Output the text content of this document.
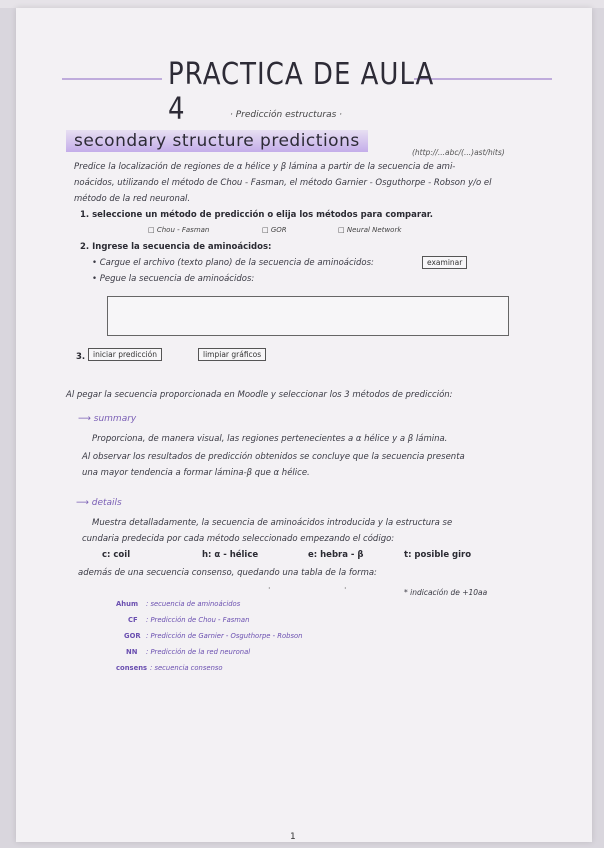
PRACTICA DE AULA 4	· Predicción estructuras ·
secondary structure predictions
(http://...abc/(...)ast/hits)
Predice la localización de regiones de α hélice y β lámina a partir de la secuencia de ami-
noácidos, utilizando el método de Chou - Fasman, el método Garnier - Osguthorpe - Robson y/o el
método de la red neuronal.
1. seleccione un método de predicción o elija los métodos para comparar.
□ Chou - Fasman	□ GOR	□ Neural Network
2. Ingrese la secuencia de aminoácidos:
• Cargue el archivo (texto plano) de la secuencia de aminoácidos:	examinar
• Pegue la secuencia de aminoácidos:
3.	iniciar predicción	limpiar gráficos
Al pegar la secuencia proporcionada en Moodle y seleccionar los 3 métodos de predicción:
⟶ summary
Proporciona, de manera visual, las regiones pertenecientes a α hélice y a β lámina.
Al observar los resultados de predicción obtenidos se concluye que la secuencia presenta
una mayor tendencia a formar lámina-β que α hélice.
⟶ details
Muestra detalladamente, la secuencia de aminoácidos introducida y la estructura se
cundaria predecida por cada método seleccionado empezando el código:
c: coil	h: α - hélice	e: hebra - β	t: posible giro
además de una secuencia consenso, quedando una tabla de la forma:
·	·	* indicación de +10aa
Ahum : secuencia de aminoácidos
CF : Predicción de Chou - Fasman
GOR : Predicción de Garnier - Osguthorpe - Robson
NN : Predicción de la red neuronal
consens : secuencia consenso
1
